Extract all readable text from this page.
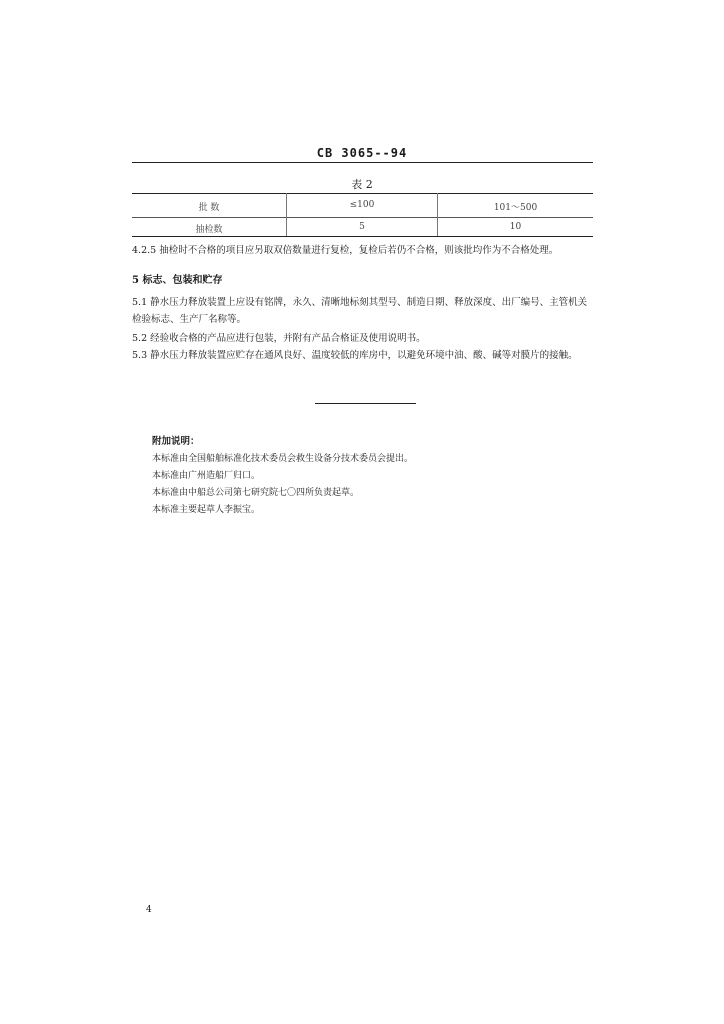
CB 3065--94
表 2
批 数	≤100	101～500
抽检数	5	10
4.2.5 抽检时不合格的项目应另取双倍数量进行复检，复检后若仍不合格，则该批均作为不合格处理。
5 标志、包装和贮存
5.1 静水压力释放装置上应设有铭牌，永久、清晰地标刻其型号、制造日期、释放深度、出厂编号、主管机关检验标志、生产厂名称等。
5.2 经验收合格的产品应进行包装，并附有产品合格证及使用说明书。
5.3 静水压力释放装置应贮存在通风良好、温度较低的库房中，以避免环境中油、酸、碱等对膜片的接触。
附加说明：
本标准由全国船舶标准化技术委员会救生设备分技术委员会提出。
本标准由广州造船厂归口。
本标准由中船总公司第七研究院七〇四所负责起草。
本标准主要起草人李振宝。
4
